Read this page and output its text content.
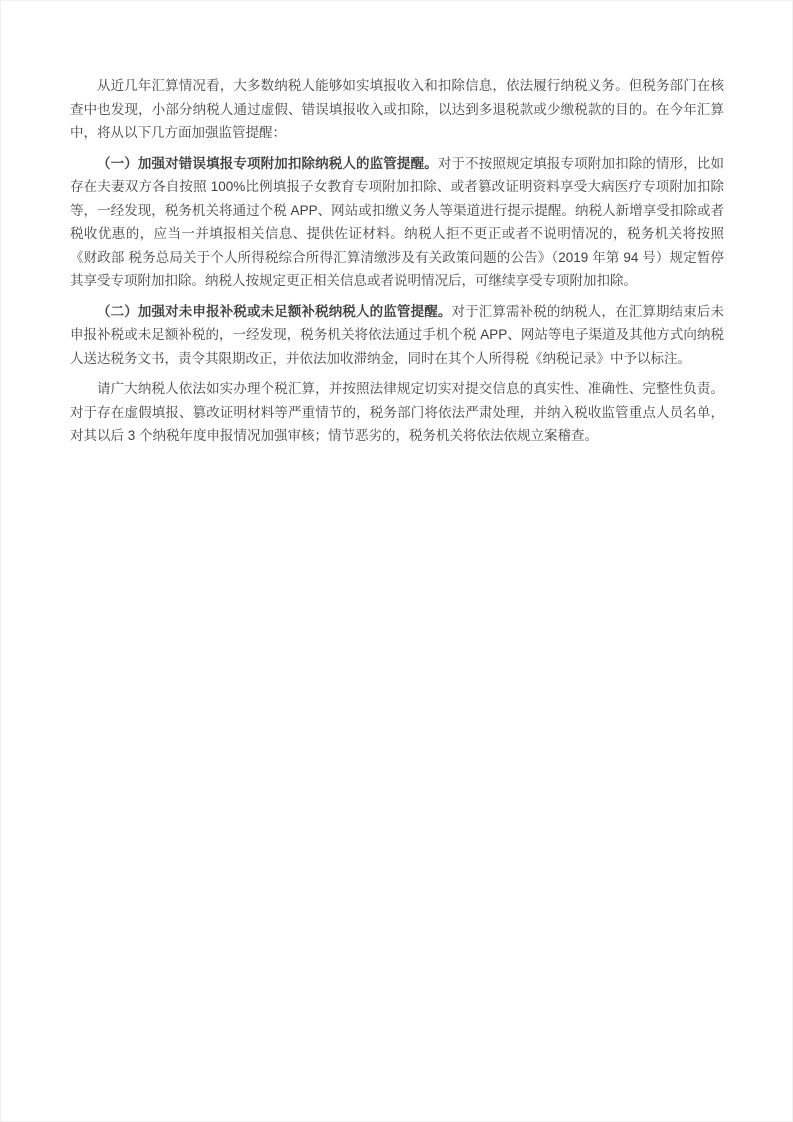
从近几年汇算情况看，大多数纳税人能够如实填报收入和扣除信息，依法履行纳税义务。但税务部门在核查中也发现，小部分纳税人通过虚假、错误填报收入或扣除，以达到多退税款或少缴税款的目的。在今年汇算中，将从以下几方面加强监管提醒：

（一）加强对错误填报专项附加扣除纳税人的监管提醒。对于不按照规定填报专项附加扣除的情形，比如存在夫妻双方各自按照 100%比例填报子女教育专项附加扣除、或者篡改证明资料享受大病医疗专项附加扣除等，一经发现，税务机关将通过个税 APP、网站或扣缴义务人等渠道进行提示提醒。纳税人新增享受扣除或者税收优惠的，应当一并填报相关信息、提供佐证材料。纳税人拒不更正或者不说明情况的，税务机关将按照《财政部 税务总局关于个人所得税综合所得汇算清缴涉及有关政策问题的公告》（2019 年第 94 号）规定暂停其享受专项附加扣除。纳税人按规定更正相关信息或者说明情况后，可继续享受专项附加扣除。

（二）加强对未申报补税或未足额补税纳税人的监管提醒。对于汇算需补税的纳税人，在汇算期结束后未申报补税或未足额补税的，一经发现，税务机关将依法通过手机个税 APP、网站等电子渠道及其他方式向纳税人送达税务文书，责令其限期改正，并依法加收滞纳金，同时在其个人所得税《纳税记录》中予以标注。

请广大纳税人依法如实办理个税汇算，并按照法律规定切实对提交信息的真实性、准确性、完整性负责。对于存在虚假填报、篡改证明材料等严重情节的，税务部门将依法严肃处理，并纳入税收监管重点人员名单，对其以后 3 个纳税年度申报情况加强审核；情节恶劣的，税务机关将依法依规立案稽查。
